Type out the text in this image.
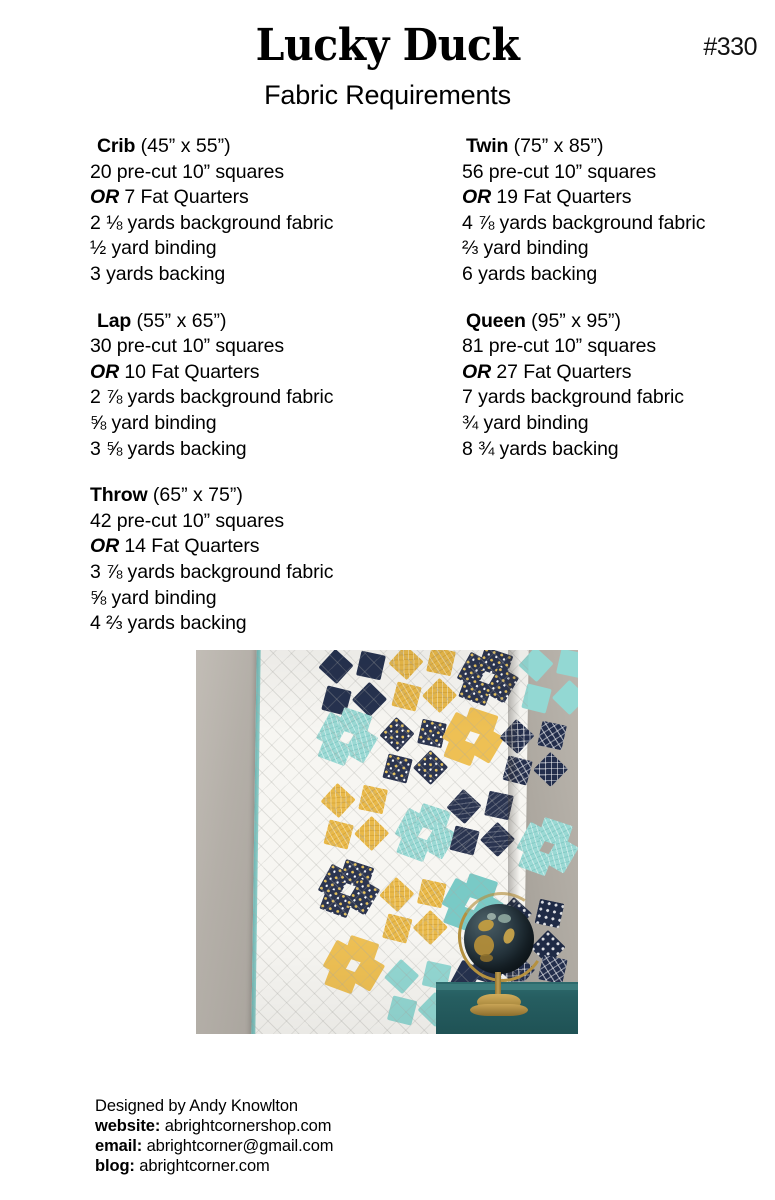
Lucky Duck	#330
Fabric Requirements
Crib (45” x 55”)
20 pre-cut 10” squares
OR 7 Fat Quarters
2 ⅛ yards background fabric
½ yard binding
3 yards backing
Lap (55” x 65”)
30 pre-cut 10” squares
OR 10 Fat Quarters
2 ⅞ yards background fabric
⅝ yard binding
3 ⅝ yards backing
Throw (65” x 75”)
42 pre-cut 10” squares
OR 14 Fat Quarters
3 ⅞ yards background fabric
⅝ yard binding
4 ⅔ yards backing
Twin (75” x 85”)
56 pre-cut 10” squares
OR 19 Fat Quarters
4 ⅞ yards background fabric
⅔ yard binding
6 yards backing
Queen (95” x 95”)
81 pre-cut 10” squares
OR 27 Fat Quarters
7 yards background fabric
¾ yard binding
8 ¾ yards backing
Designed by Andy Knowlton
website: abrightcornershop.com
email: abrightcorner@gmail.com
blog: abrightcorner.com
